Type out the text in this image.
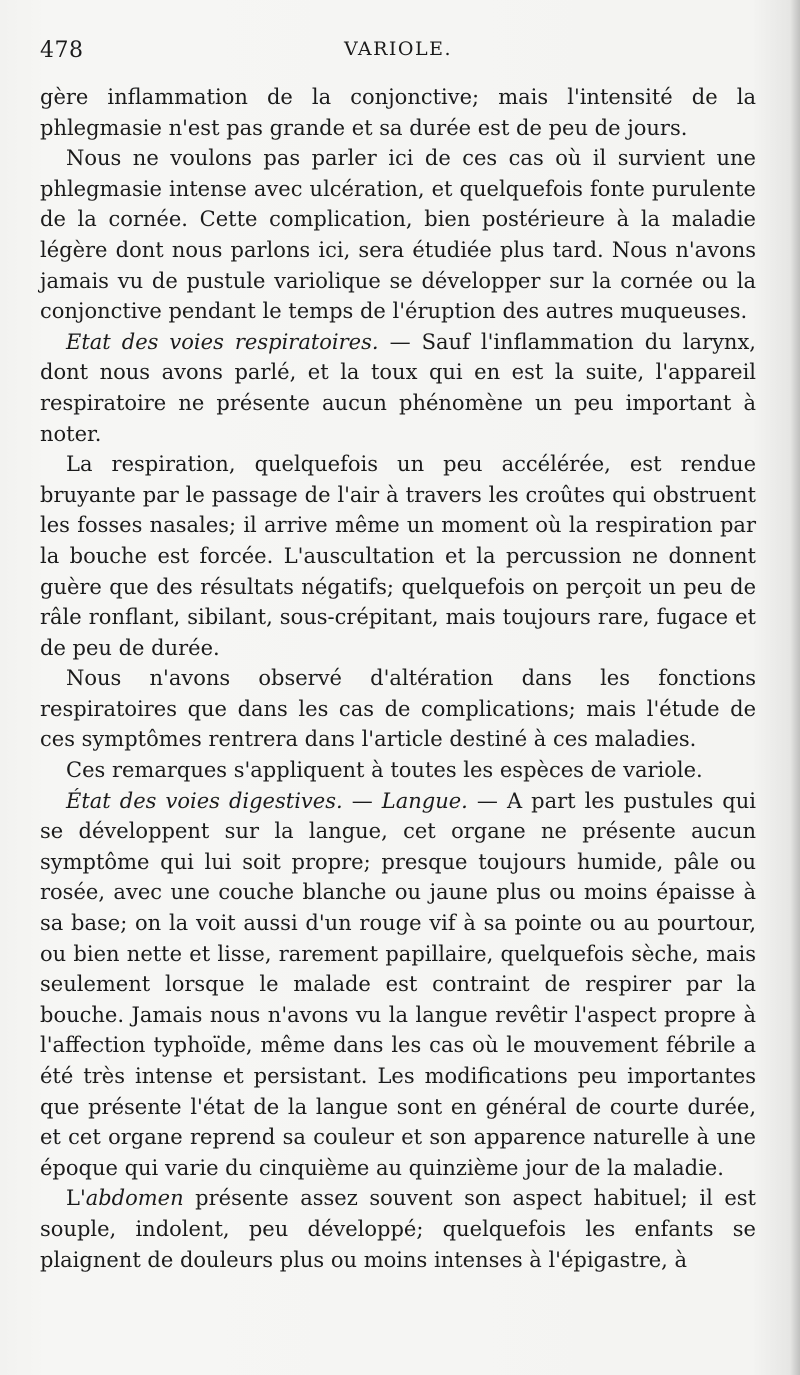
478	VARIOLE.

gère inflammation de la conjonctive; mais l'intensité de la phlegmasie n'est pas grande et sa durée est de peu de jours.

Nous ne voulons pas parler ici de ces cas où il survient une phlegmasie intense avec ulcération, et quelquefois fonte purulente de la cornée. Cette complication, bien postérieure à la maladie légère dont nous parlons ici, sera étudiée plus tard. Nous n'avons jamais vu de pustule variolique se développer sur la cornée ou la conjonctive pendant le temps de l'éruption des autres muqueuses.

Etat des voies respiratoires. — Sauf l'inflammation du larynx, dont nous avons parlé, et la toux qui en est la suite, l'appareil respiratoire ne présente aucun phénomène un peu important à noter.

La respiration, quelquefois un peu accélérée, est rendue bruyante par le passage de l'air à travers les croûtes qui obstruent les fosses nasales; il arrive même un moment où la respiration par la bouche est forcée. L'auscultation et la percussion ne donnent guère que des résultats négatifs; quelquefois on perçoit un peu de râle ronflant, sibilant, sous-crépitant, mais toujours rare, fugace et de peu de durée.

Nous n'avons observé d'altération dans les fonctions respiratoires que dans les cas de complications; mais l'étude de ces symptômes rentrera dans l'article destiné à ces maladies.

Ces remarques s'appliquent à toutes les espèces de variole.

État des voies digestives. — Langue. — A part les pustules qui se développent sur la langue, cet organe ne présente aucun symptôme qui lui soit propre; presque toujours humide, pâle ou rosée, avec une couche blanche ou jaune plus ou moins épaisse à sa base; on la voit aussi d'un rouge vif à sa pointe ou au pourtour, ou bien nette et lisse, rarement papillaire, quelquefois sèche, mais seulement lorsque le malade est contraint de respirer par la bouche. Jamais nous n'avons vu la langue revêtir l'aspect propre à l'affection typhoïde, même dans les cas où le mouvement fébrile a été très intense et persistant. Les modifications peu importantes que présente l'état de la langue sont en général de courte durée, et cet organe reprend sa couleur et son apparence naturelle à une époque qui varie du cinquième au quinzième jour de la maladie.

L'abdomen présente assez souvent son aspect habituel; il est souple, indolent, peu développé; quelquefois les enfants se plaignent de douleurs plus ou moins intenses à l'épigastre, à
